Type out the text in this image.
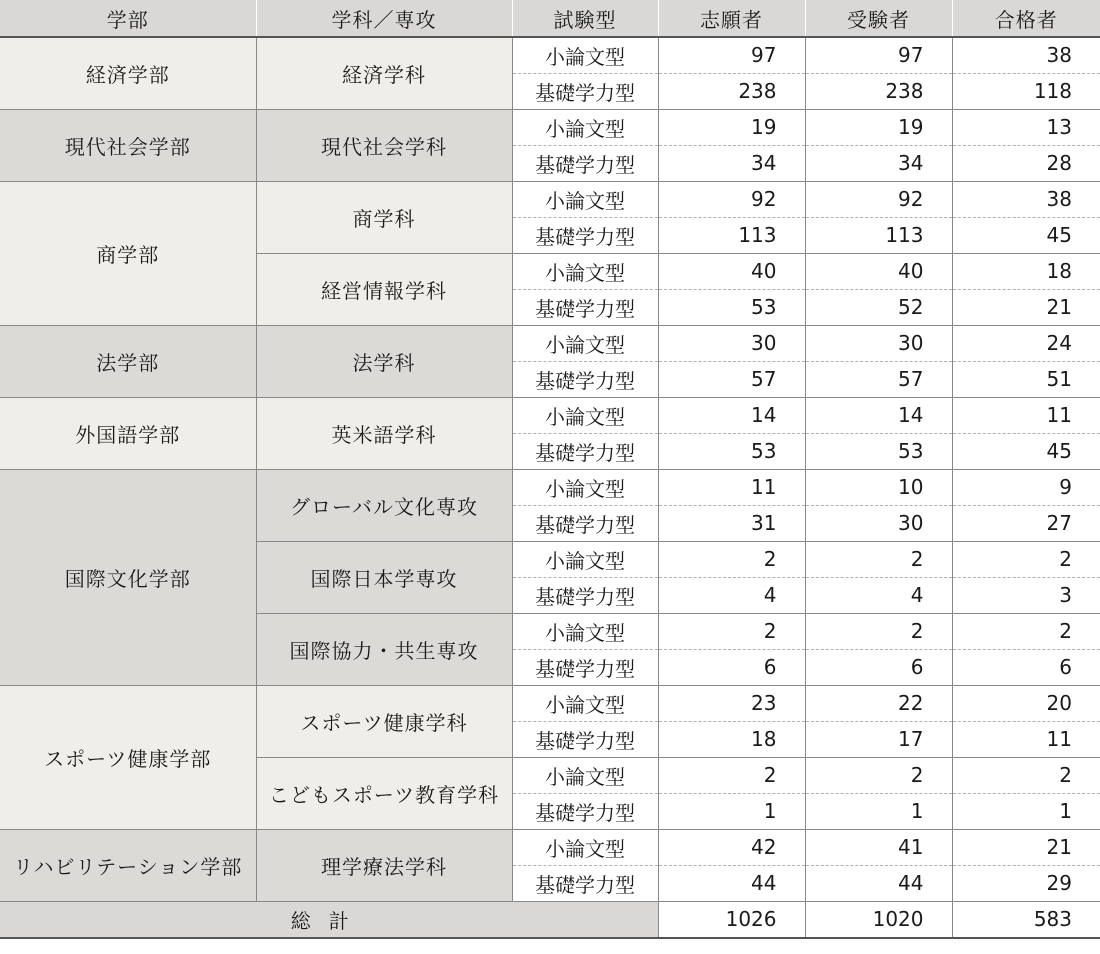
学部	学科／専攻	試験型	志願者	受験者	合格者
経済学部	経済学科	小論文型	97	97	38
		基礎学力型	238	238	118
現代社会学部	現代社会学科	小論文型	19	19	13
		基礎学力型	34	34	28
商学部	商学科	小論文型	92	92	38
		基礎学力型	113	113	45
	経営情報学科	小論文型	40	40	18
		基礎学力型	53	52	21
法学部	法学科	小論文型	30	30	24
		基礎学力型	57	57	51
外国語学部	英米語学科	小論文型	14	14	11
		基礎学力型	53	53	45
国際文化学部	グローバル文化専攻	小論文型	11	10	9
		基礎学力型	31	30	27
	国際日本学専攻	小論文型	2	2	2
		基礎学力型	4	4	3
	国際協力・共生専攻	小論文型	2	2	2
		基礎学力型	6	6	6
スポーツ健康学部	スポーツ健康学科	小論文型	23	22	20
		基礎学力型	18	17	11
	こどもスポーツ教育学科	小論文型	2	2	2
		基礎学力型	1	1	1
リハビリテーション学部	理学療法学科	小論文型	42	41	21
		基礎学力型	44	44	29
総計			1026	1020	583
